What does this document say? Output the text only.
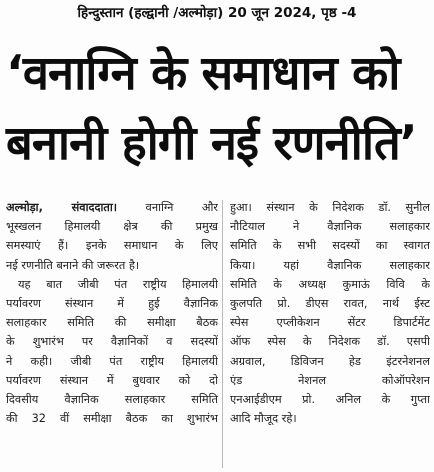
हिन्दुस्तान (हल्द्वानी /अल्मोड़ा) 20 जून 2024, पृष्ठ -4
‘वनाग्नि के समाधान को
बनानी होगी नई रणनीति’
अल्मोड़ा, संवाददाता।	वनाग्नि और
भूस्खलन हिमालयी क्षेत्र की प्रमुख
समस्याएं हैं। इनके समाधान के लिए
नई रणनीति बनाने की जरूरत है।
यह बात जीबी पंत राष्ट्रीय हिमालयी
पर्यावरण संस्थान में हुई वैज्ञानिक
सलाहकार समिति की समीक्षा बैठक
के शुभारंभ पर वैज्ञानिकों व सदस्यों
ने कही। जीबी पंत राष्ट्रीय हिमालयी
पर्यावरण संस्थान में बुधवार को दो
दिवसीय वैज्ञानिक सलाहकार समिति
की 32 वीं समीक्षा बैठक का शुभारंभ
हुआ। संस्थान के निदेशक डॉ. सुनील
नौटियाल ने वैज्ञानिक सलाहकार
समिति के सभी सदस्यों का स्वागत
किया। यहां वैज्ञानिक सलाहकार
समिति के अध्यक्ष कुमाऊं विवि के
कुलपति प्रो. डीएस रावत, नार्थ ईस्ट
स्पेस एप्लीकेशन सेंटर डिपार्टमेंट
ऑफ स्पेस के निदेशक डॉ. एसपी
अग्रवाल, डिविजन हेड इंटरनेशनल
एंड नेशनल कोऑपरेशन
एनआईडीएम प्रो. अनिल के गुप्ता
आदि मौजूद रहे।
